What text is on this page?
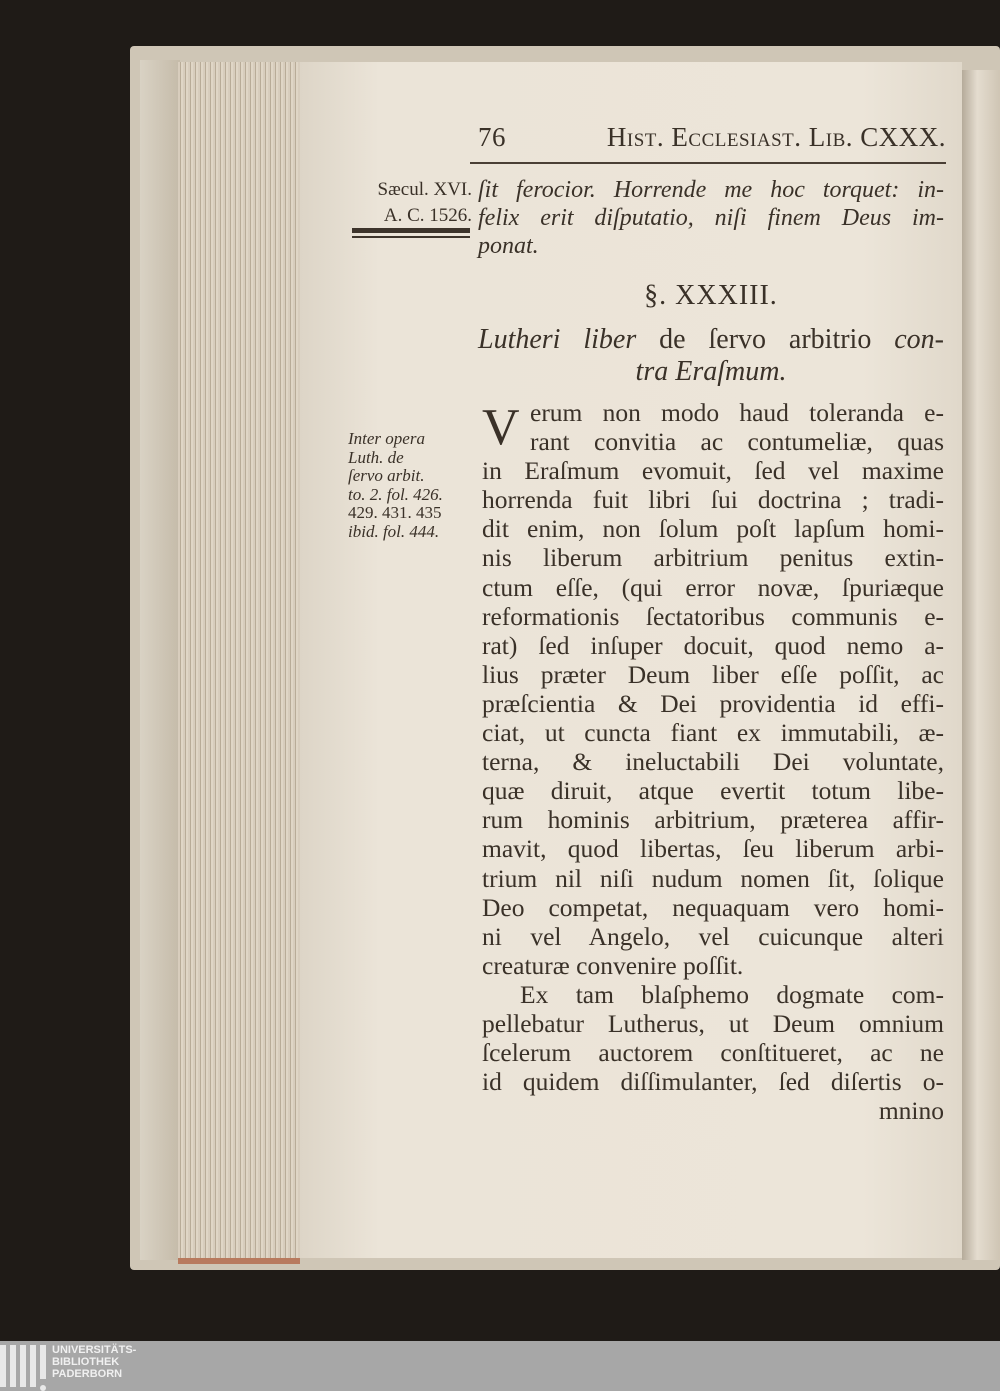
76	Hist. Ecclesiast. Lib. CXXX.
Sæcul. XVI.
A. C. 1526.
Inter opera
Luth. de
ſervo arbit.
to. 2. fol. 426.
429. 431. 435
ibid. fol. 444.
ſit ferocior. Horrende me hoc torquet: in-
felix erit diſputatio, niſi finem Deus im-
ponat.
§. XXXIII.
Lutheri liber de ſervo arbitrio con-
tra Eraſmum.
V erum non modo haud toleranda e-
rant convitia ac contumeliæ, quas
in Eraſmum evomuit, ſed vel maxime
horrenda fuit libri ſui doctrina ; tradi-
dit enim, non ſolum poſt lapſum homi-
nis liberum arbitrium penitus extin-
ctum eſſe, (qui error novæ, ſpuriæque
reformationis ſectatoribus communis e-
rat) ſed inſuper docuit, quod nemo a-
lius præter Deum liber eſſe poſſit, ac
præſcientia & Dei providentia id effi-
ciat, ut cuncta fiant ex immutabili, æ-
terna, & ineluctabili Dei voluntate,
quæ diruit, atque evertit totum libe-
rum hominis arbitrium, præterea affir-
mavit, quod libertas, ſeu liberum arbi-
trium nil niſi nudum nomen ſit, ſolique
Deo competat, nequaquam vero homi-
ni vel Angelo, vel cuicunque alteri
creaturæ convenire poſſit.
Ex tam blaſphemo dogmate com-
pellebatur Lutherus, ut Deum omnium
ſcelerum auctorem conſtitueret, ac ne
id quidem diſſimulanter, ſed diſertis o-
mnino
UNIVERSITÄTS-
BIBLIOTHEK
PADERBORN
